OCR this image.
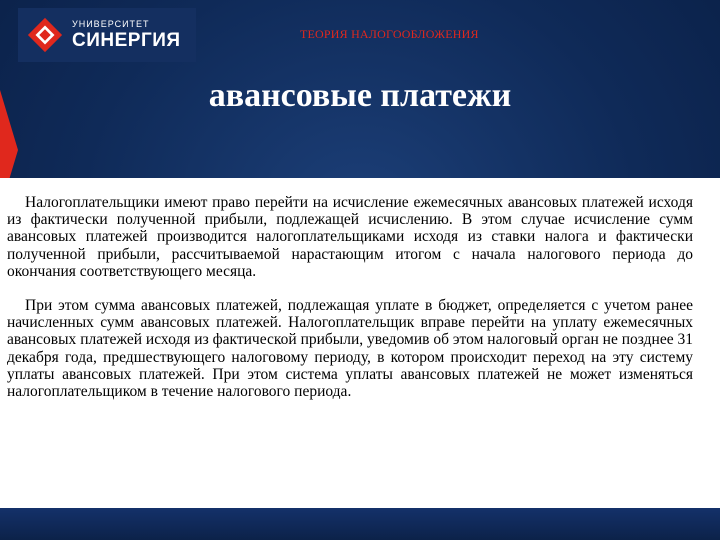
УНИВЕРСИТЕТ
СИНЕРГИЯ	ТЕОРИЯ НАЛОГООБЛОЖЕНИЯ
авансовые платежи

Налогоплательщики имеют право перейти на исчисление ежемесячных авансовых платежей исходя из фактически полученной прибыли, подлежащей исчислению. В этом случае исчисление сумм авансовых платежей производится налогоплательщиками исходя из ставки налога и фактически полученной прибыли, рассчитываемой нарастающим итогом с начала налогового периода до окончания соответствующего месяца.

При этом сумма авансовых платежей, подлежащая уплате в бюджет, определяется с учетом ранее начисленных сумм авансовых платежей. Налогоплательщик вправе перейти на уплату ежемесячных авансовых платежей исходя из фактической прибыли, уведомив об этом налоговый орган не позднее 31 декабря года, предшествующего налоговому периоду, в котором происходит переход на эту систему уплаты авансовых платежей. При этом система уплаты авансовых платежей не может изменяться налогоплательщиком в течение налогового периода.
